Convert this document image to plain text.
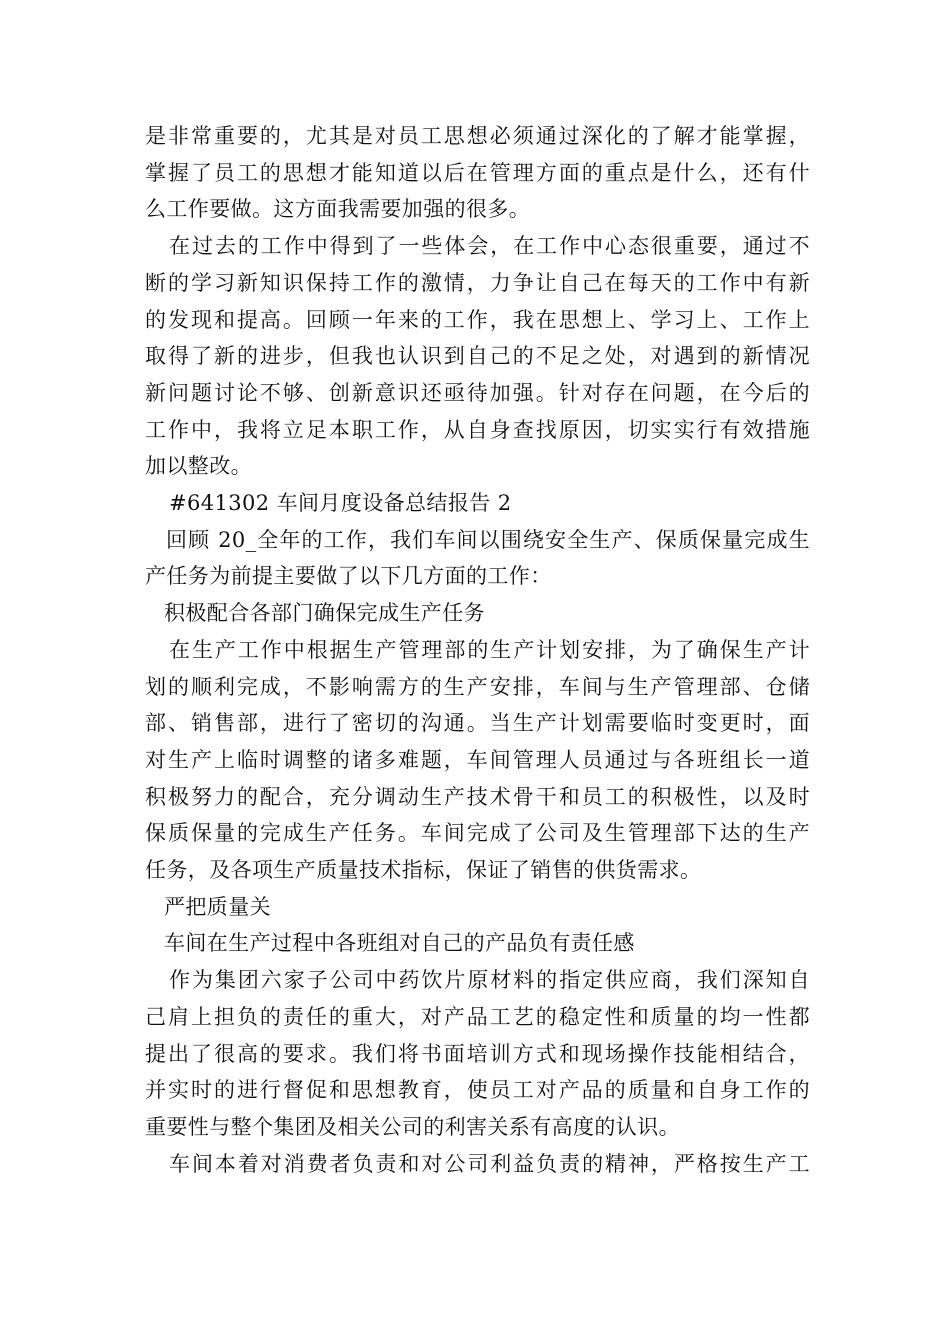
是非常重要的，尤其是对员工思想必须通过深化的了解才能掌握，
掌握了员工的思想才能知道以后在管理方面的重点是什么，还有什
么工作要做。这方面我需要加强的很多。
在过去的工作中得到了一些体会，在工作中心态很重要，通过不
断的学习新知识保持工作的激情，力争让自己在每天的工作中有新
的发现和提高。回顾一年来的工作，我在思想上、学习上、工作上
取得了新的进步，但我也认识到自己的不足之处，对遇到的新情况
新问题讨论不够、创新意识还亟待加强。针对存在问题，在今后的
工作中，我将立足本职工作，从自身查找原因，切实实行有效措施
加以整改。
#641302 车间月度设备总结报告 2
回顾 20_全年的工作，我们车间以围绕安全生产、保质保量完成生
产任务为前提主要做了以下几方面的工作：
积极配合各部门确保完成生产任务
在生产工作中根据生产管理部的生产计划安排，为了确保生产计
划的顺利完成，不影响需方的生产安排，车间与生产管理部、仓储
部、销售部，进行了密切的沟通。当生产计划需要临时变更时，面
对生产上临时调整的诸多难题，车间管理人员通过与各班组长一道
积极努力的配合，充分调动生产技术骨干和员工的积极性，以及时
保质保量的完成生产任务。车间完成了公司及生管理部下达的生产
任务，及各项生产质量技术指标，保证了销售的供货需求。
严把质量关
车间在生产过程中各班组对自己的产品负有责任感
作为集团六家子公司中药饮片原材料的指定供应商，我们深知自
己肩上担负的责任的重大，对产品工艺的稳定性和质量的均一性都
提出了很高的要求。我们将书面培训方式和现场操作技能相结合，
并实时的进行督促和思想教育，使员工对产品的质量和自身工作的
重要性与整个集团及相关公司的利害关系有高度的认识。
车间本着对消费者负责和对公司利益负责的精神，严格按生产工
